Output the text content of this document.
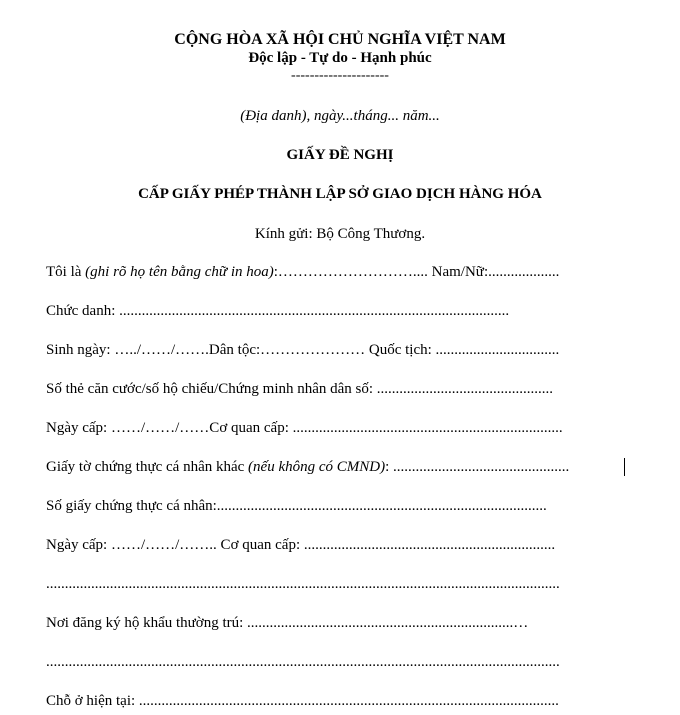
CỘNG HÒA XÃ HỘI CHỦ NGHĨA VIỆT NAM
Độc lập - Tự do - Hạnh phúc
---------------------
(Địa danh), ngày...tháng... năm...
GIẤY ĐỀ NGHỊ
CẤP GIẤY PHÉP THÀNH LẬP SỞ GIAO DỊCH HÀNG HÓA
Kính gửi: Bộ Công Thương.
Tôi là (ghi rõ họ tên bằng chữ in hoa):……………………….... Nam/Nữ:...................
Chức danh: ........................................................................................................
Sinh ngày: …../……/…….Dân tộc:………………… Quốc tịch: .................................
Số thẻ căn cước/số hộ chiếu/Chứng minh nhân dân số: ...............................................
Ngày cấp: ……/……/……Cơ quan cấp: ........................................................................
Giấy tờ chứng thực cá nhân khác (nếu không có CMND): ...............................................
Số giấy chứng thực cá nhân:........................................................................................
Ngày cấp: ……/……/…….. Cơ quan cấp: ...................................................................
.........................................................................................................................................
Nơi đăng ký hộ khẩu thường trú: .......................................................................…
.........................................................................................................................................
Chỗ ở hiện tại: ................................................................................................................
